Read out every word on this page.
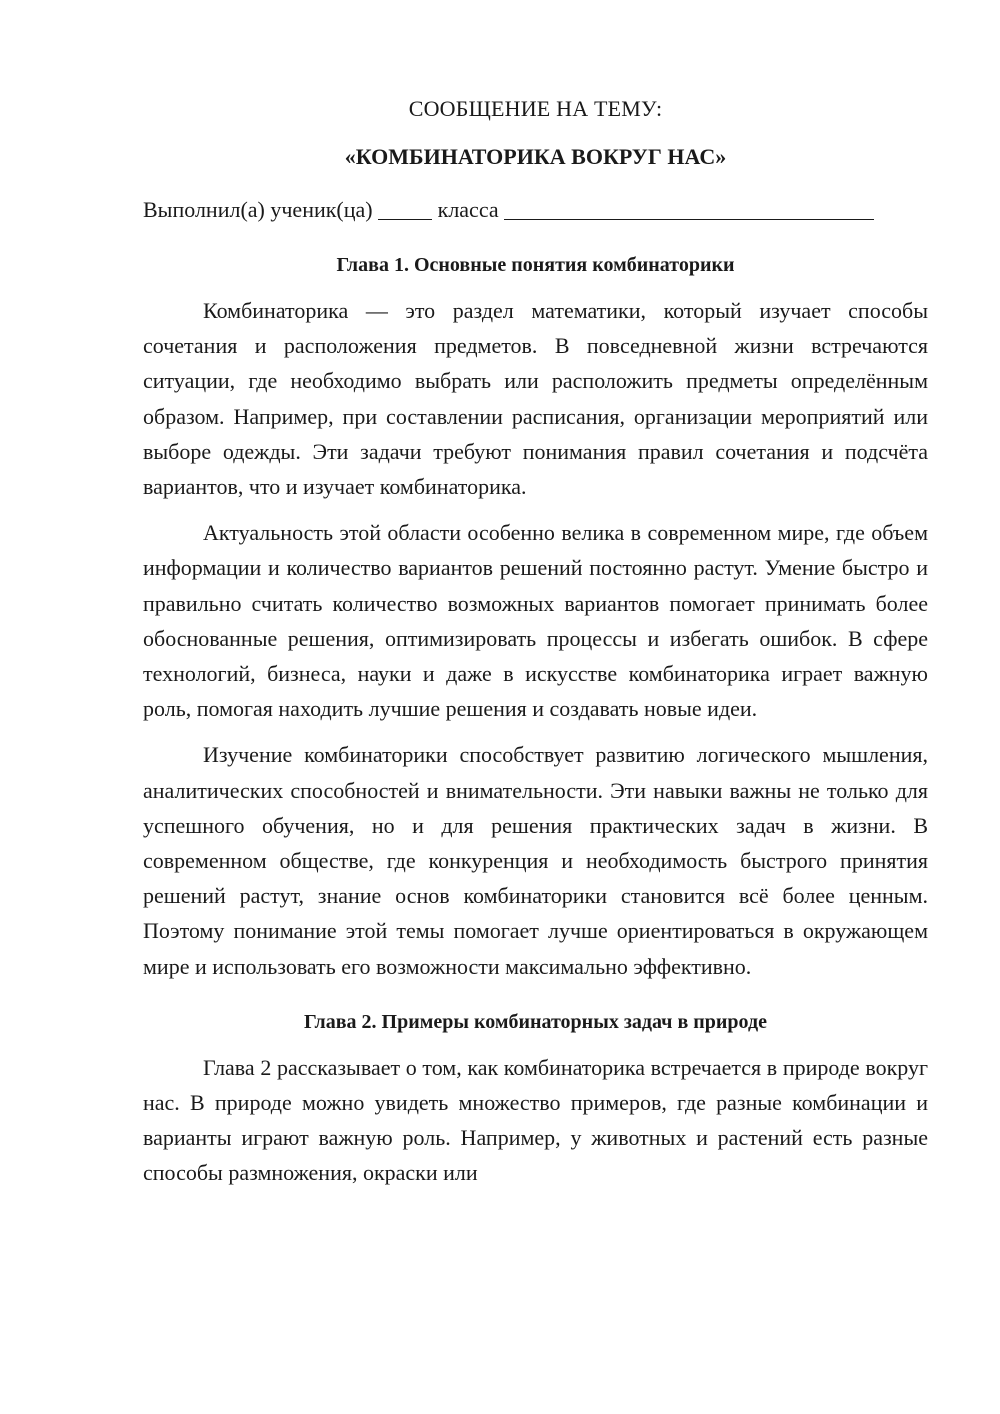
СООБЩЕНИЕ НА ТЕМУ:

«КОМБИНАТОРИКА ВОКРУГ НАС»

Выполнил(а) ученик(ца)	класса
Глава 1. Основные понятия комбинаторики

Комбинаторика — это раздел математики, который изучает способы сочетания и расположения предметов. В повседневной жизни встречаются ситуации, где необходимо выбрать или расположить предметы определённым образом. Например, при составлении расписания, организации мероприятий или выборе одежды. Эти задачи требуют понимания правил сочетания и подсчёта вариантов, что и изучает комбинаторика.

Актуальность этой области особенно велика в современном мире, где объем информации и количество вариантов решений постоянно растут. Умение быстро и правильно считать количество возможных вариантов помогает принимать более обоснованные решения, оптимизировать процессы и избегать ошибок. В сфере технологий, бизнеса, науки и даже в искусстве комбинаторика играет важную роль, помогая находить лучшие решения и создавать новые идеи.

Изучение комбинаторики способствует развитию логического мышления, аналитических способностей и внимательности. Эти навыки важны не только для успешного обучения, но и для решения практических задач в жизни. В современном обществе, где конкуренция и необходимость быстрого принятия решений растут, знание основ комбинаторики становится всё более ценным. Поэтому понимание этой темы помогает лучше ориентироваться в окружающем мире и использовать его возможности максимально эффективно.

Глава 2. Примеры комбинаторных задач в природе

Глава 2 рассказывает о том, как комбинаторика встречается в природе вокруг нас. В природе можно увидеть множество примеров, где разные комбинации и варианты играют важную роль. Например, у животных и растений есть разные способы размножения, окраски или
